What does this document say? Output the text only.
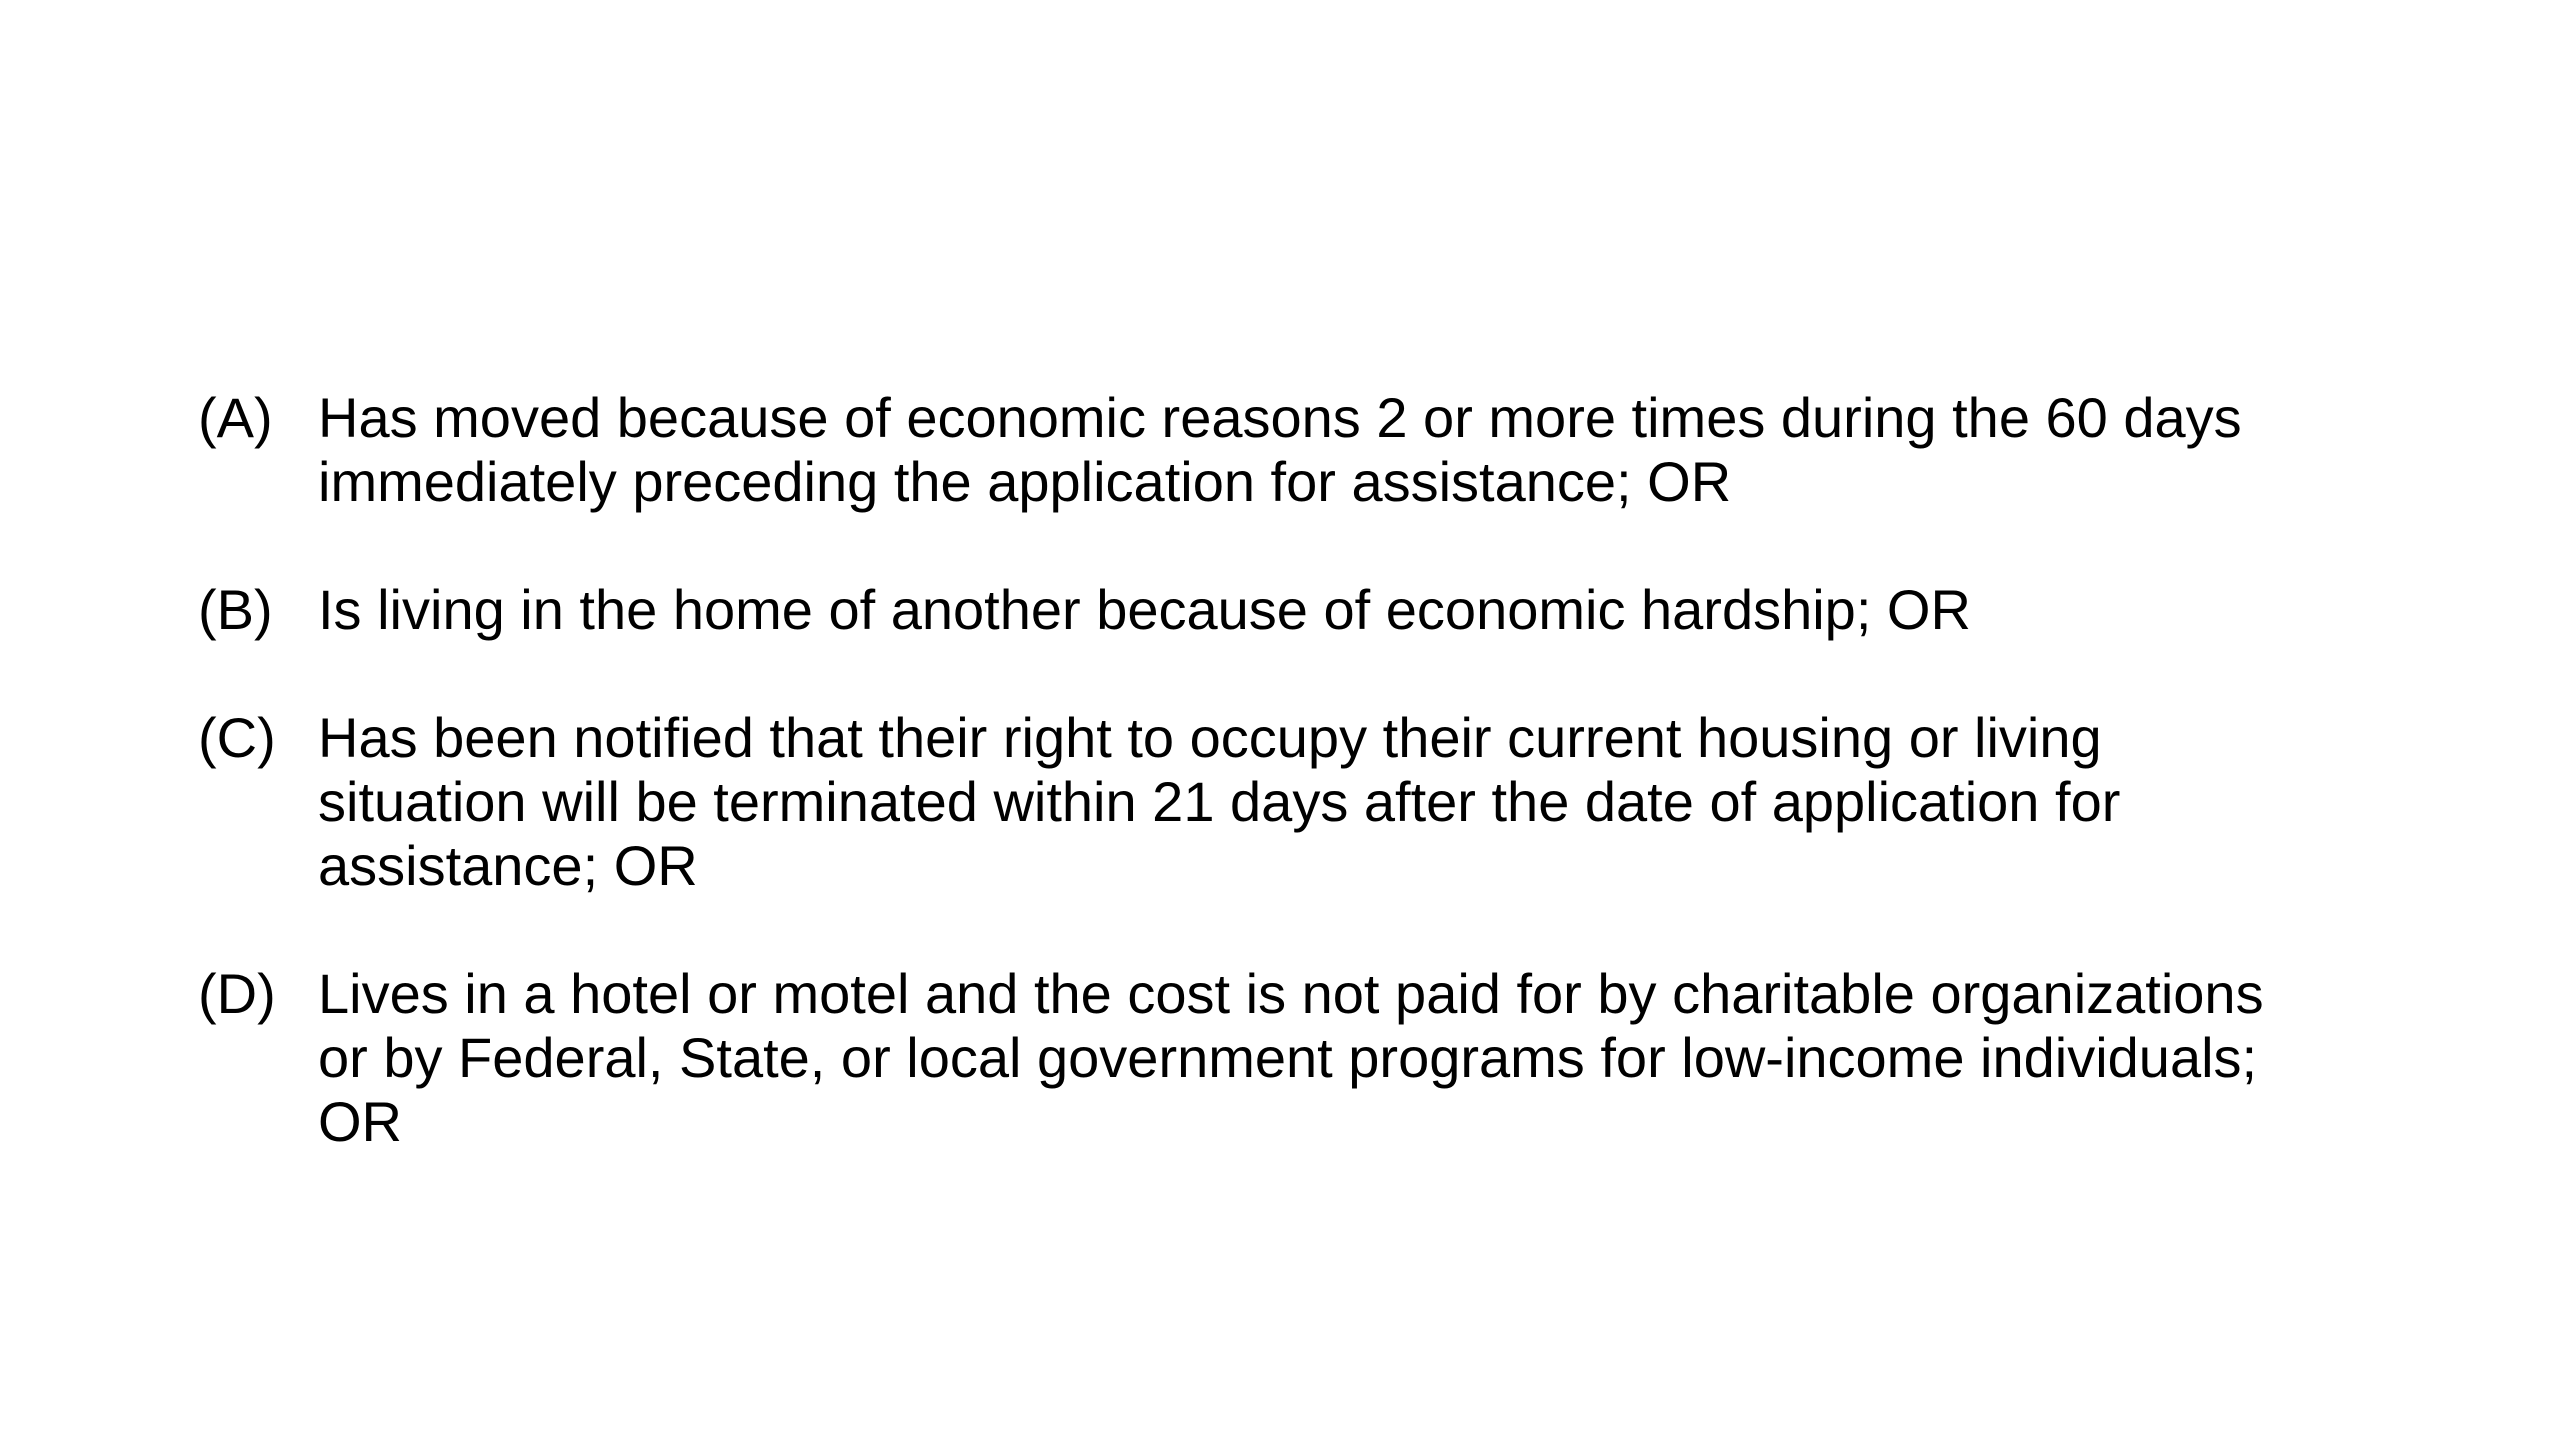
(A) Has moved because of economic reasons 2 or more times during the 60 days
immediately preceding the application for assistance; OR
(B) Is living in the home of another because of economic hardship; OR
(C) Has been notified that their right to occupy their current housing or living
situation will be terminated within 21 days after the date of application for
assistance; OR
(D) Lives in a hotel or motel and the cost is not paid for by charitable organizations
or by Federal, State, or local government programs for low-income individuals;
OR
